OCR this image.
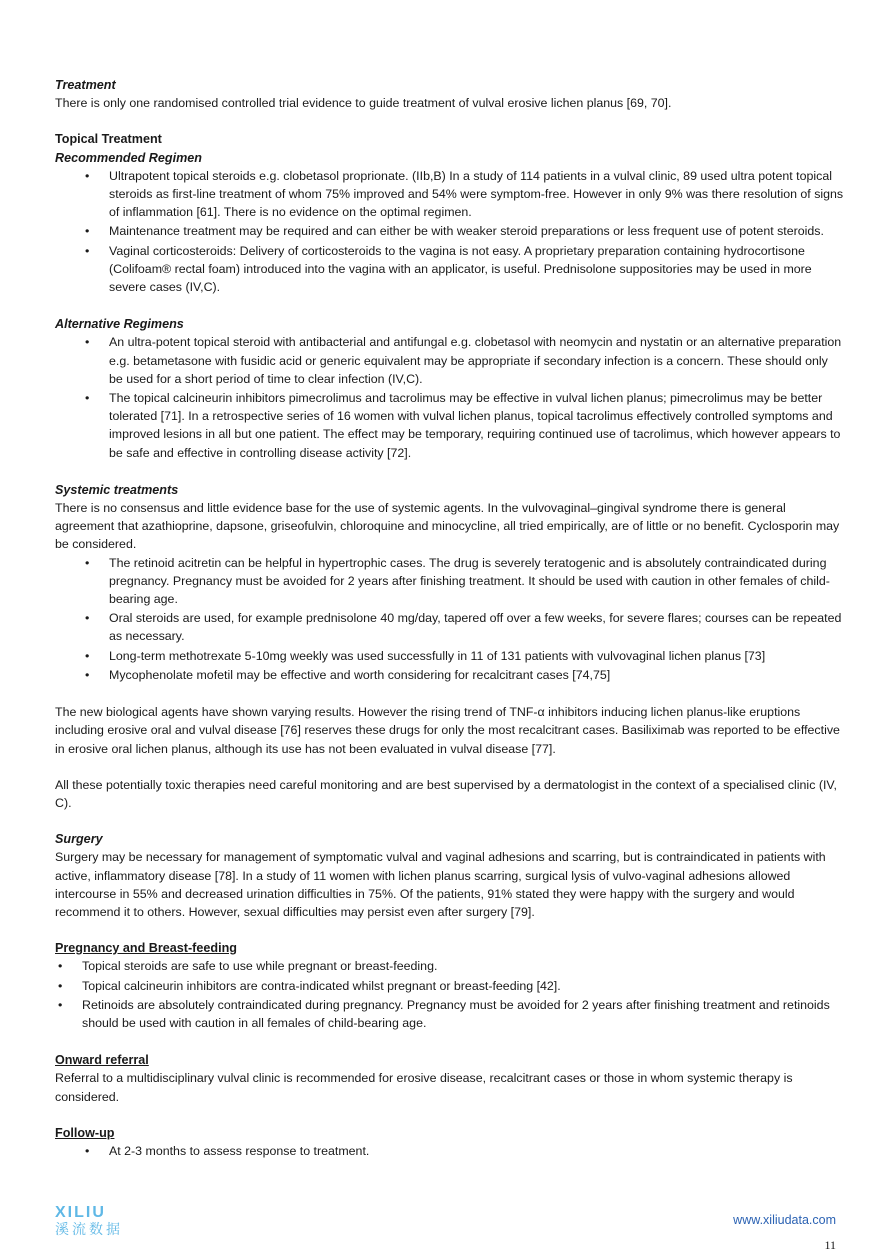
Treatment

There is only one randomised controlled trial evidence to guide treatment of vulval erosive lichen planus [69, 70].

Topical Treatment
Recommended Regimen
• Ultrapotent topical steroids e.g. clobetasol proprionate. (IIb,B) In a study of 114 patients in a vulval clinic, 89 used ultra potent topical steroids as first-line treatment of whom 75% improved and 54% were symptom-free. However in only 9% was there resolution of signs of inflammation [61]. There is no evidence on the optimal regimen.
• Maintenance treatment may be required and can either be with weaker steroid preparations or less frequent use of potent steroids.
• Vaginal corticosteroids: Delivery of corticosteroids to the vagina is not easy. A proprietary preparation containing hydrocortisone (Colifoam® rectal foam) introduced into the vagina with an applicator, is useful. Prednisolone suppositories may be used in more severe cases (IV,C).
Alternative Regimens
• An ultra-potent topical steroid with antibacterial and antifungal e.g. clobetasol with neomycin and nystatin or an alternative preparation e.g. betametasone with fusidic acid or generic equivalent may be appropriate if secondary infection is a concern. These should only be used for a short period of time to clear infection (IV,C).
• The topical calcineurin inhibitors pimecrolimus and tacrolimus may be effective in vulval lichen planus; pimecrolimus may be better tolerated [71]. In a retrospective series of 16 women with vulval lichen planus, topical tacrolimus effectively controlled symptoms and improved lesions in all but one patient. The effect may be temporary, requiring continued use of tacrolimus, which however appears to be safe and effective in controlling disease activity [72].
Systemic treatments

There is no consensus and little evidence base for the use of systemic agents. In the vulvovaginal–gingival syndrome there is general agreement that azathioprine, dapsone, griseofulvin, chloroquine and minocycline, all tried empirically, are of little or no benefit. Cyclosporin may be considered.

• The retinoid acitretin can be helpful in hypertrophic cases. The drug is severely teratogenic and is absolutely contraindicated during pregnancy. Pregnancy must be avoided for 2 years after finishing treatment. It should be used with caution in other females of child-bearing age.
• Oral steroids are used, for example prednisolone 40 mg/day, tapered off over a few weeks, for severe flares; courses can be repeated as necessary.
• Long-term methotrexate 5-10mg weekly was used successfully in 11 of 131 patients with vulvovaginal lichen planus [73]
• Mycophenolate mofetil may be effective and worth considering for recalcitrant cases [74,75]

The new biological agents have shown varying results. However the rising trend of TNF-α inhibitors inducing lichen planus-like eruptions including erosive oral and vulval disease [76] reserves these drugs for only the most recalcitrant cases. Basiliximab was reported to be effective in erosive oral lichen planus, although its use has not been evaluated in vulval disease [77].

All these potentially toxic therapies need careful monitoring and are best supervised by a dermatologist in the context of a specialised clinic (IV, C).

Surgery

Surgery may be necessary for management of symptomatic vulval and vaginal adhesions and scarring, but is contraindicated in patients with active, inflammatory disease [78]. In a study of 11 women with lichen planus scarring, surgical lysis of vulvo-vaginal adhesions allowed intercourse in 55% and decreased urination difficulties in 75%. Of the patients, 91% stated they were happy with the surgery and would recommend it to others. However, sexual difficulties may persist even after surgery [79].

Pregnancy and Breast-feeding
• Topical steroids are safe to use while pregnant or breast-feeding.
• Topical calcineurin inhibitors are contra-indicated whilst pregnant or breast-feeding [42].
• Retinoids are absolutely contraindicated during pregnancy. Pregnancy must be avoided for 2 years after finishing treatment and retinoids should be used with caution in all females of child-bearing age.
Onward referral

Referral to a multidisciplinary vulval clinic is recommended for erosive disease, recalcitrant cases or those in whom systemic therapy is considered.

Follow-up
• At 2-3 months to assess response to treatment.
XILIU
溪流数据
www.xiliudata.com
11
